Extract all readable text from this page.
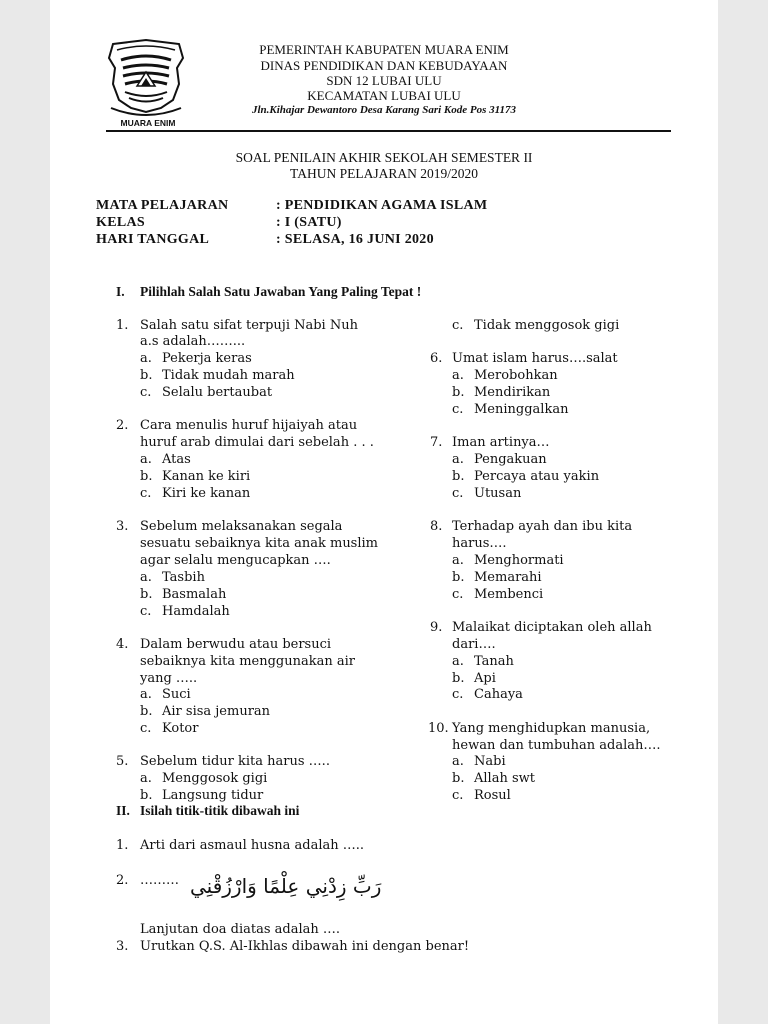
MUARA ENIM
PEMERINTAH KABUPATEN MUARA ENIM
DINAS PENDIDIKAN DAN KEBUDAYAAN
SDN 12 LUBAI ULU
KECAMATAN LUBAI ULU
Jln.Kihajar Dewantoro Desa Karang Sari Kode Pos 31173
SOAL PENILAIN AKHIR SEKOLAH SEMESTER II
TAHUN PELAJARAN 2019/2020
MATA PELAJARAN	: PENDIDIKAN AGAMA ISLAM
KELAS	: I (SATU)
HARI TANGGAL	: SELASA, 16 JUNI 2020
I. Pilihlah Salah Satu Jawaban Yang Paling Tepat !
1. Salah satu sifat terpuji Nabi Nuh
a.s adalah……...
a. Pekerja keras
b. Tidak mudah marah
c. Selalu bertaubat
2. Cara menulis huruf hijaiyah atau
huruf arab dimulai dari sebelah . . .
a. Atas
b. Kanan ke kiri
c. Kiri ke kanan
3. Sebelum melaksanakan segala
sesuatu sebaiknya kita anak muslim
agar selalu mengucapkan ….
a. Tasbih
b. Basmalah
c. Hamdalah
4. Dalam berwudu atau bersuci
sebaiknya kita menggunakan air
yang …..
a. Suci
b. Air sisa jemuran
c. Kotor
5. Sebelum tidur kita harus …..
a. Menggosok gigi
b. Langsung tidur
c. Tidak menggosok gigi
6. Umat islam harus….salat
a. Merobohkan
b. Mendirikan
c. Meninggalkan
7. Iman artinya…
a. Pengakuan
b. Percaya atau yakin
c. Utusan
8. Terhadap ayah dan ibu kita
harus….
a. Menghormati
b. Memarahi
c. Membenci
9. Malaikat diciptakan oleh allah
dari….
a. Tanah
b. Api
c. Cahaya
10. Yang menghidupkan manusia,
hewan dan tumbuhan adalah….
a. Nabi
b. Allah swt
c. Rosul
II. Isilah titik-titik dibawah ini
1. Arti dari asmaul husna adalah …..
2. ……… رَبِّ زِدْنِي عِلْمًا وَارْزُقْنِي
Lanjutan doa diatas adalah ….
3. Urutkan Q.S. Al-Ikhlas dibawah ini dengan benar!
